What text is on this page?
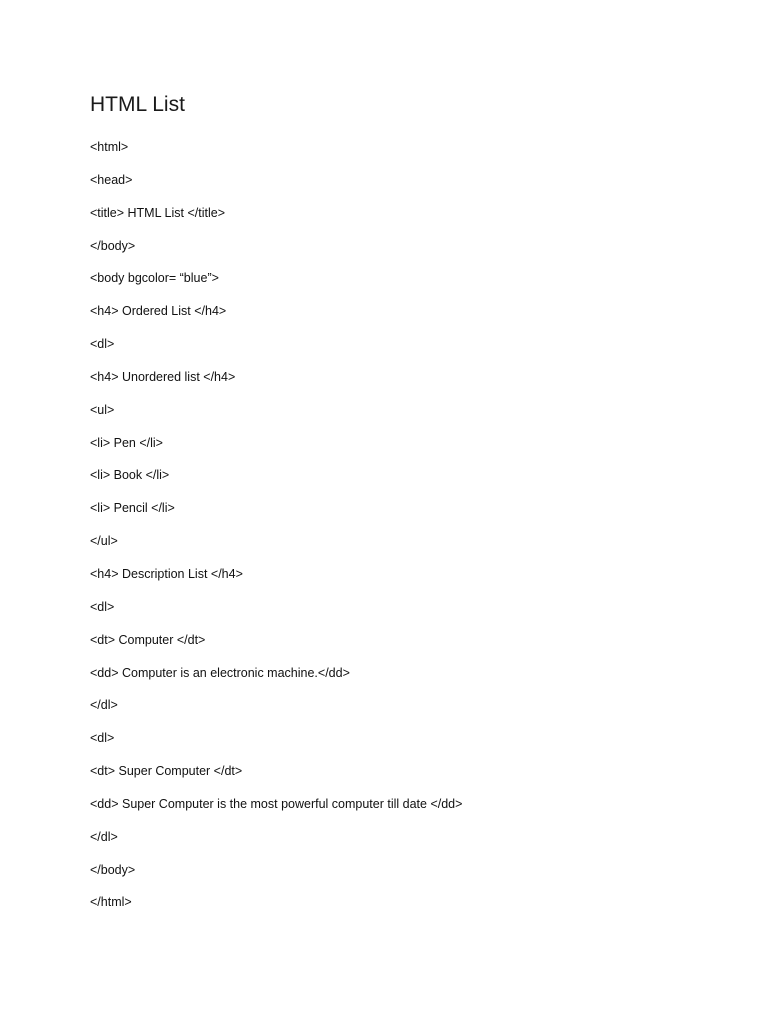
HTML List
<html>
<head>
<title> HTML List </title>
</body>
<body bgcolor= “blue”>
<h4> Ordered List </h4>
<dl>
<h4> Unordered list </h4>
<ul>
<li> Pen </li>
<li> Book </li>
<li> Pencil </li>
</ul>
<h4> Description List </h4>
<dl>
<dt> Computer </dt>
<dd> Computer is an electronic machine.</dd>
</dl>
<dl>
<dt> Super Computer </dt>
<dd> Super Computer is the most powerful computer till date </dd>
</dl>
</body>
</html>
